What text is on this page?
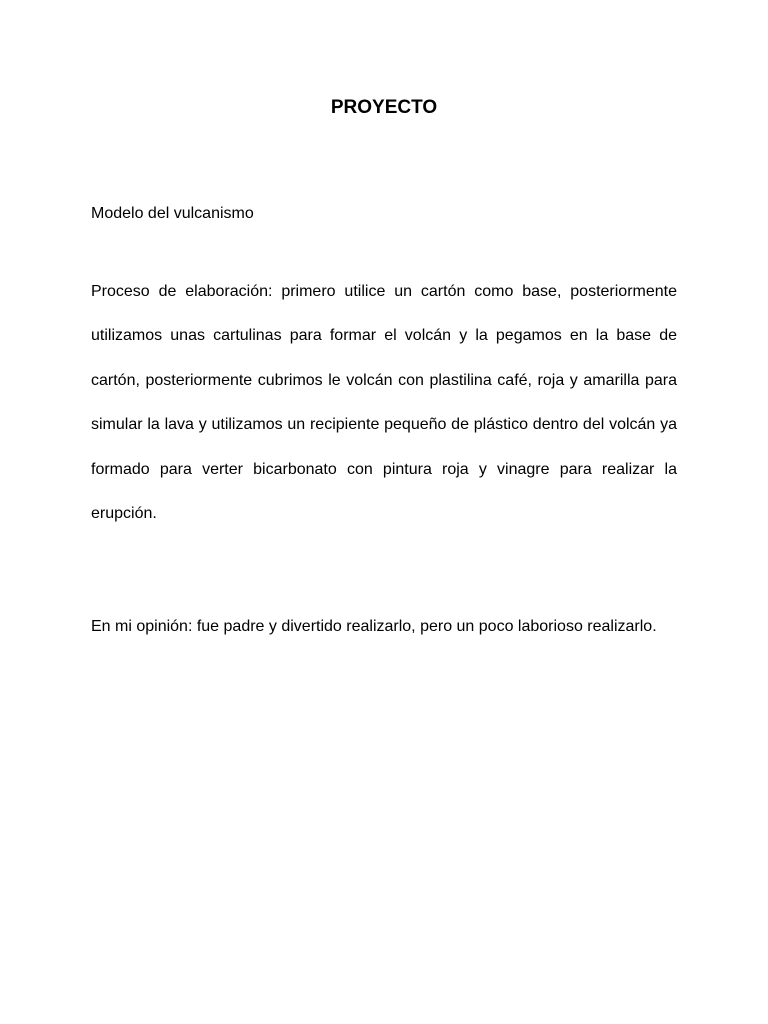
PROYECTO

Modelo del vulcanismo

Proceso de elaboración: primero utilice un cartón como base, posteriormente utilizamos unas cartulinas para formar el volcán y la pegamos en la base de cartón, posteriormente cubrimos le volcán con plastilina café, roja y amarilla para simular la lava y utilizamos un recipiente pequeño de plástico dentro del volcán ya formado para verter bicarbonato con pintura roja y vinagre para realizar la erupción.

En mi opinión: fue padre y divertido realizarlo, pero un poco laborioso realizarlo.
